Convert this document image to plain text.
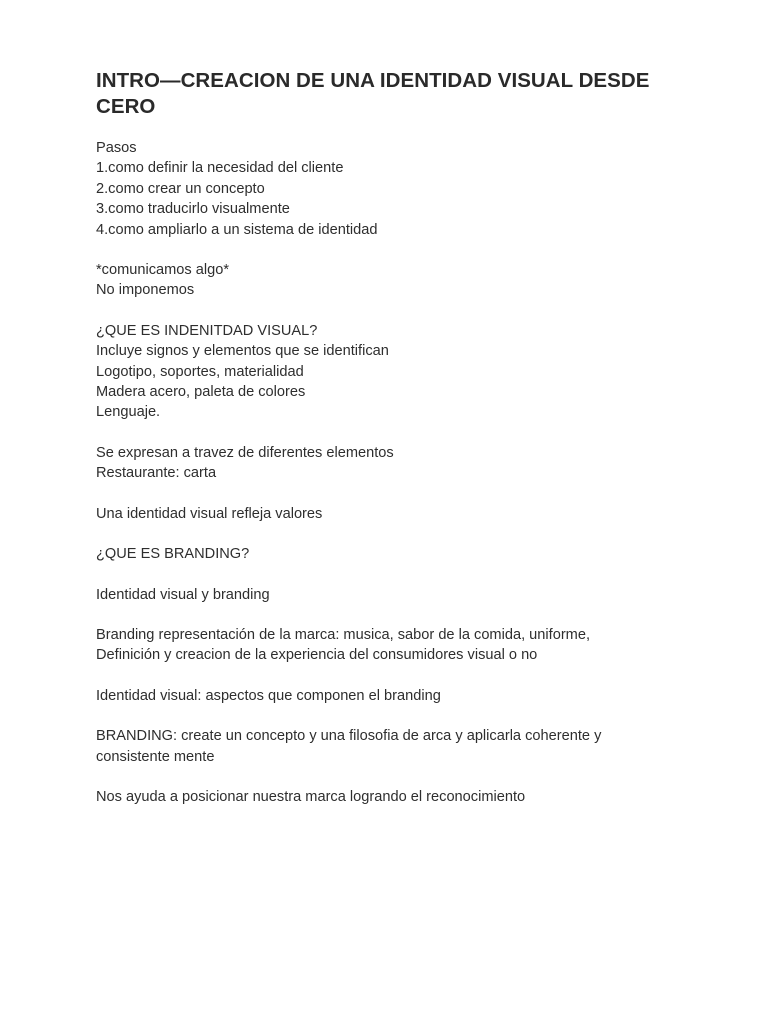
INTRO—CREACION DE UNA IDENTIDAD VISUAL DESDE CERO
Pasos
1.como definir la necesidad del cliente
2.como crear un concepto
3.como traducirlo visualmente
4.como ampliarlo a un sistema de identidad
*comunicamos algo*
No imponemos
¿QUE ES INDENITDAD VISUAL?
Incluye signos y elementos que se identifican
Logotipo, soportes, materialidad
Madera acero, paleta de colores
Lenguaje.
Se expresan a travez de diferentes elementos
Restaurante: carta
Una identidad visual refleja valores
¿QUE ES BRANDING?
Identidad visual y branding
Branding representación de la marca: musica, sabor de la comida, uniforme,
Definición y creacion de la experiencia del consumidores visual o no
Identidad visual: aspectos que componen el branding
BRANDING: create un concepto y una filosofia de arca y aplicarla coherente y consistente mente
Nos ayuda a posicionar nuestra marca logrando el reconocimiento
